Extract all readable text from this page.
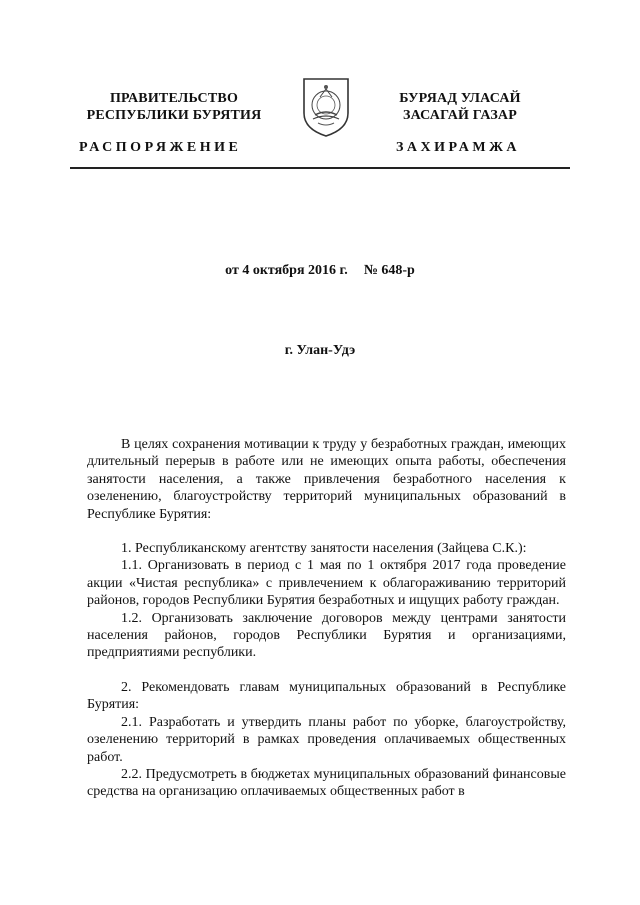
ПРАВИТЕЛЬСТВО
РЕСПУБЛИКИ БУРЯТИЯ
БУРЯАД УЛАСАЙ
ЗАСАГАЙ ГАЗАР
РАСПОРЯЖЕНИЕ	ЗАХИРАМЖА
от 4 октября 2016 г. № 648-р
г. Улан-Удэ

В целях сохранения мотивации к труду у безработных граждан, имеющих длительный перерыв в работе или не имеющих опыта работы, обеспечения занятости населения, а также привлечения безработного населения к озеленению, благоустройству территорий муниципальных образований в Республике Бурятия:

1. Республиканскому агентству занятости населения (Зайцева С.К.):

1.1. Организовать в период с 1 мая по 1 октября 2017 года проведение акции «Чистая республика» с привлечением к облагораживанию территорий районов, городов Республики Бурятия безработных и ищущих работу граждан.

1.2. Организовать заключение договоров между центрами занятости населения районов, городов Республики Бурятия и организациями, предприятиями республики.

2. Рекомендовать главам муниципальных образований в Республике Бурятия:

2.1. Разработать и утвердить планы работ по уборке, благоустройству, озеленению территорий в рамках проведения оплачиваемых общественных работ.

2.2. Предусмотреть в бюджетах муниципальных образований финансовые средства на организацию оплачиваемых общественных работ в
